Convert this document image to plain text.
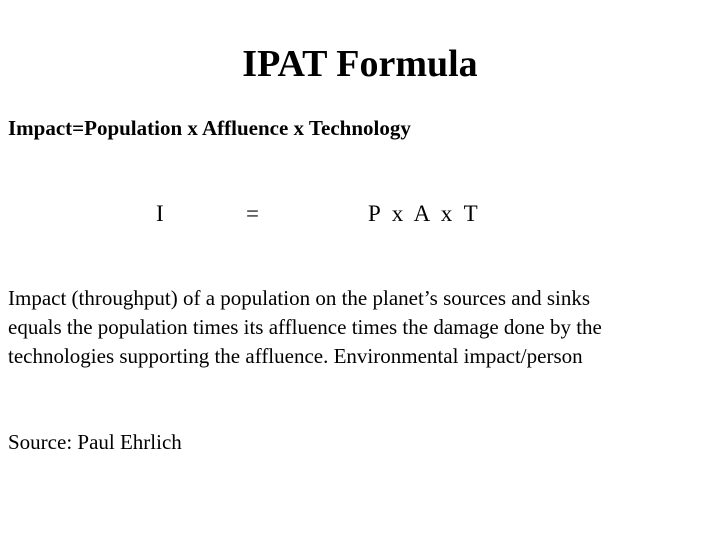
IPAT Formula
Impact=Population x Affluence x Technology
I	=	P x A x T

Impact (throughput) of a population on the planet’s sources and sinks
equals the population times its affluence times the damage done by the
technologies supporting the affluence. Environmental impact/person

Source: Paul Ehrlich
